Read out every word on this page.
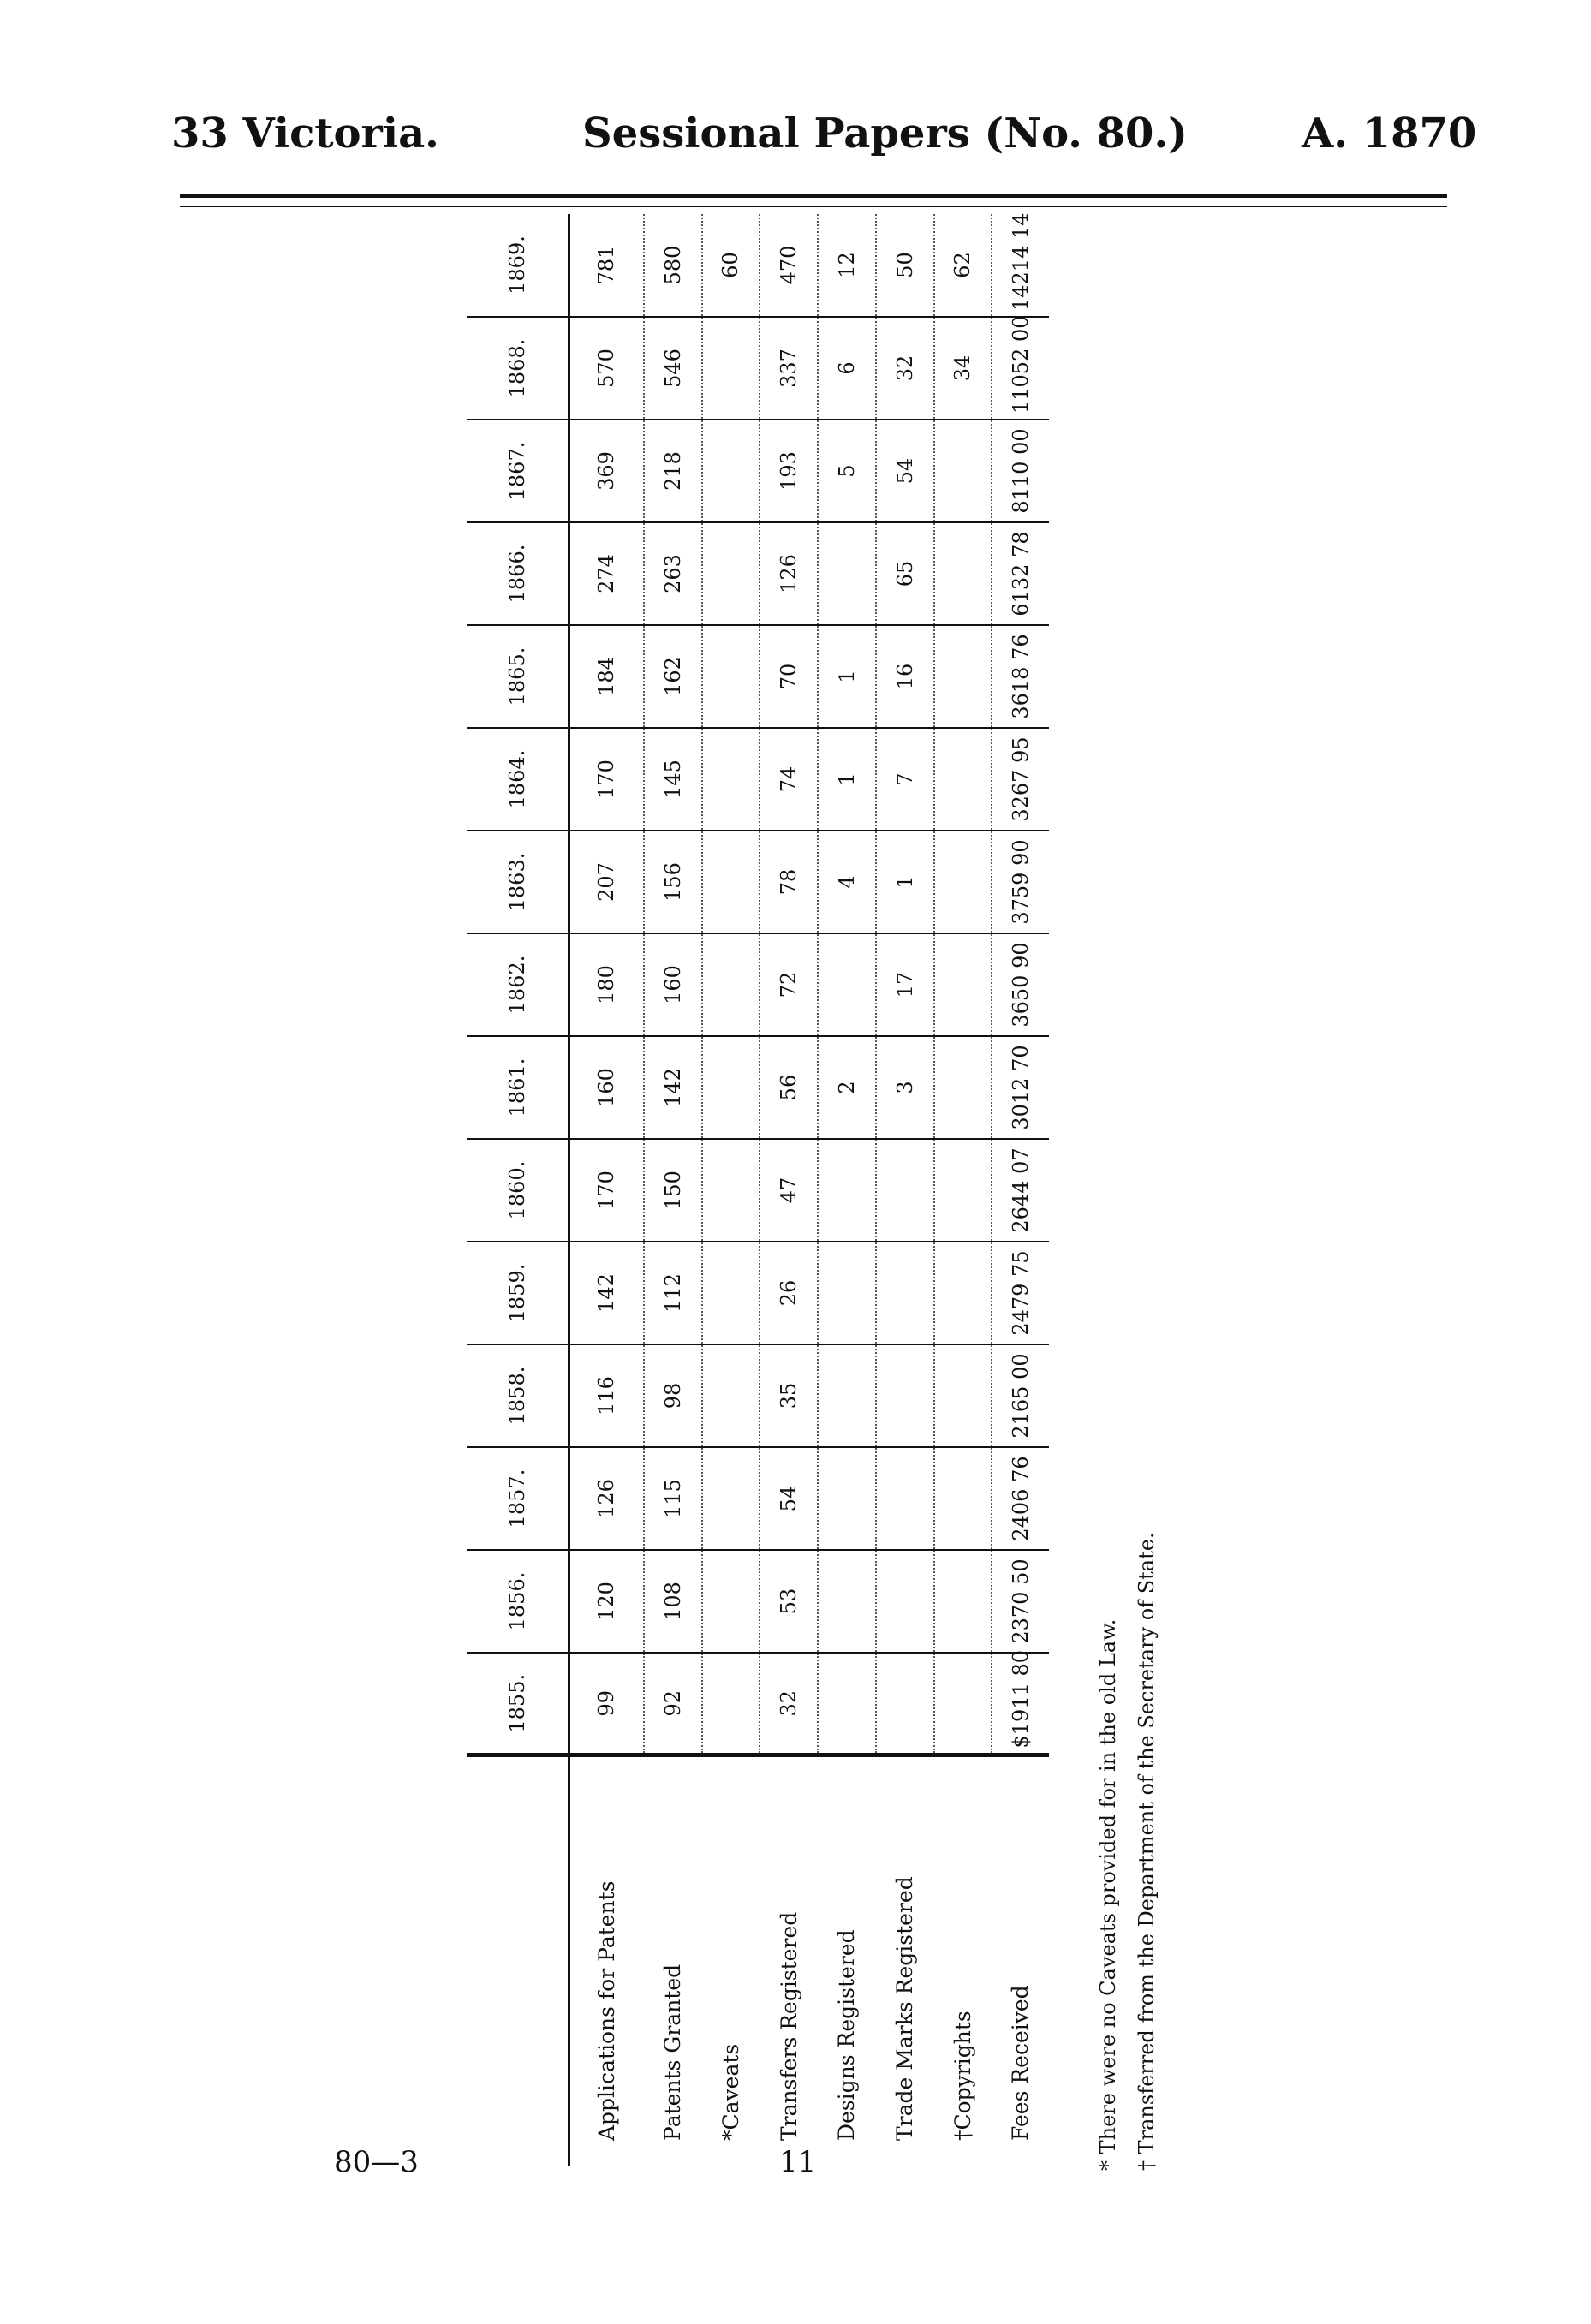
33 Victoria.	Sessional Papers (No. 80.)	A. 1870
	1855.	1856.	1857.	1858.	1859.	1860.	1861.	1862.	1863.	1864.	1865.	1866.	1867.	1868.	1869.
Applications for Patents	99	120	126	116	142	170	160	180	207	170	184	274	369	570	781
Patents Granted	92	108	115	98	112	150	142	160	156	145	162	263	218	546	580
*Caveats															60
Transfers Registered	32	53	54	35	26	47	56	72	78	74	70	126	193	337	470
Designs Registered							2		4	1	1		5	6	12
Trade Marks Registered							3	17	1	7	16	65	54	32	50
†Copyrights														34	62
Fees Received	$1911 80	2370 50	2406 76	2165 00	2479 75	2644 07	3012 70	3650 90	3759 90	3267 95	3618 76	6132 78	8110 00	11052 00	14214 14
* There were no Caveats provided for in the old Law. † Transferred from the Department of the Secretary of State.
80—3	11
